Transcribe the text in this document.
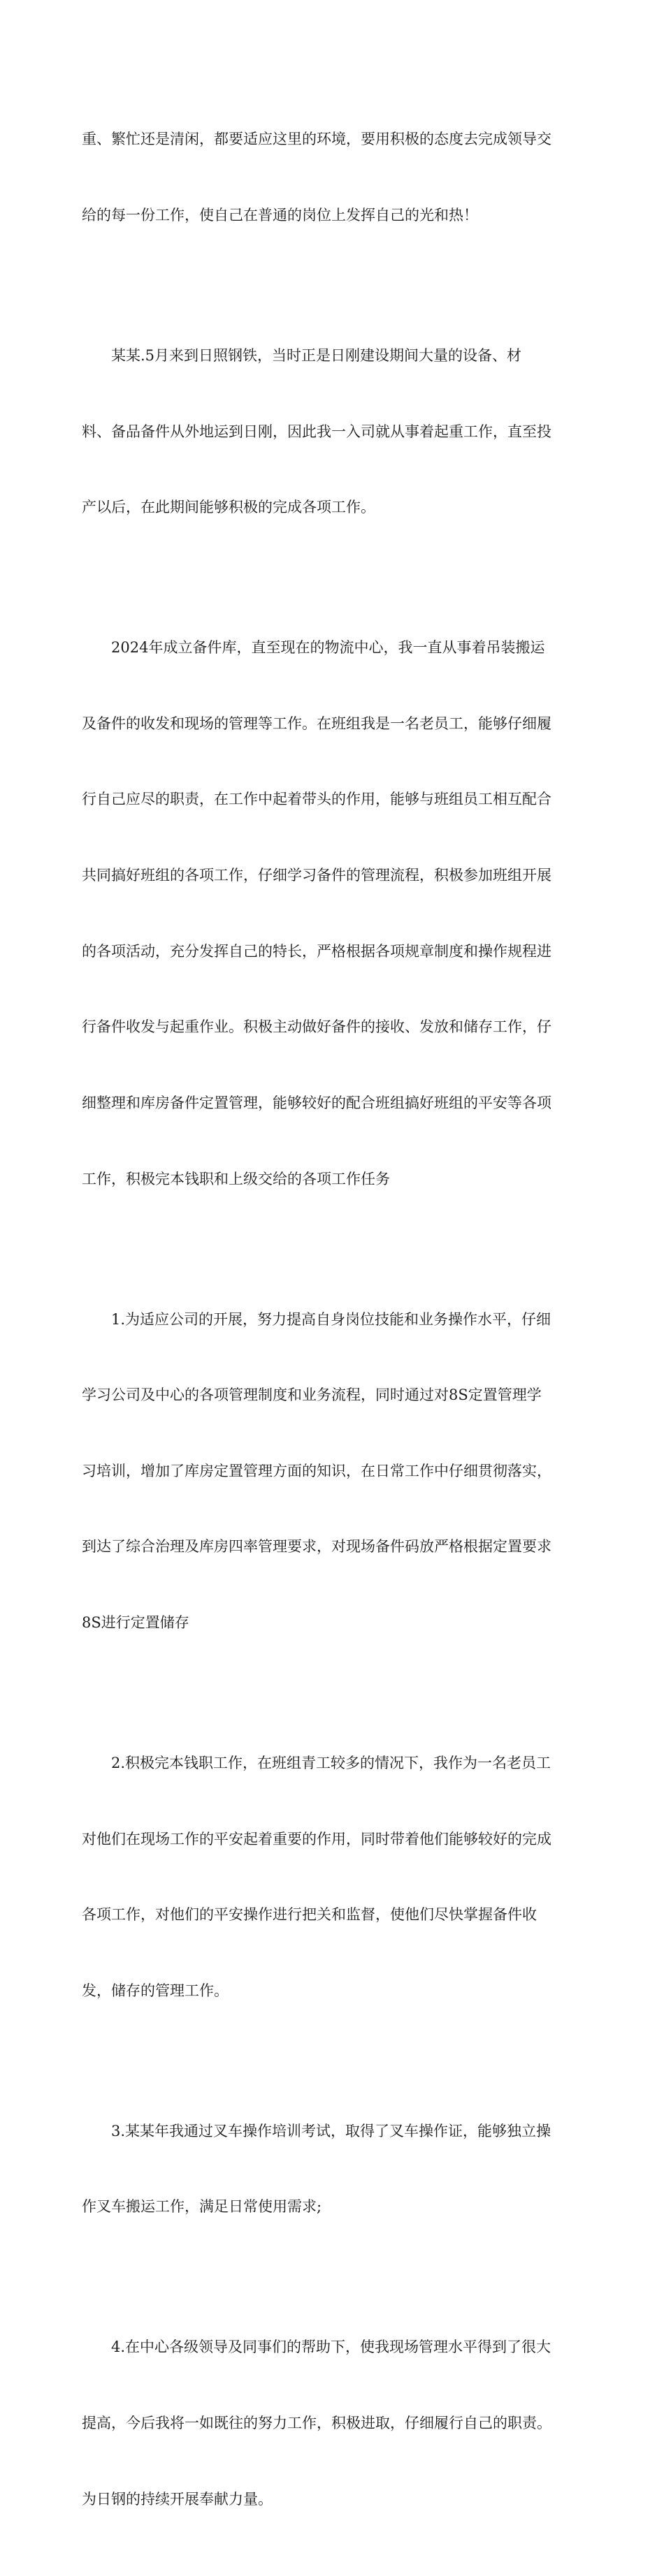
重、繁忙还是清闲，都要适应这里的环境，要用积极的态度去完成领导交

给的每一份工作，使自己在普通的岗位上发挥自己的光和热！

　　某某.5月来到日照钢铁，当时正是日刚建设期间大量的设备、材

料、备品备件从外地运到日刚，因此我一入司就从事着起重工作，直至投

产以后，在此期间能够积极的完成各项工作。

　　2024年成立备件库，直至现在的物流中心，我一直从事着吊装搬运

及备件的收发和现场的管理等工作。在班组我是一名老员工，能够仔细履

行自己应尽的职责，在工作中起着带头的作用，能够与班组员工相互配合

共同搞好班组的各项工作，仔细学习备件的管理流程，积极参加班组开展

的各项活动，充分发挥自己的特长，严格根据各项规章制度和操作规程进

行备件收发与起重作业。积极主动做好备件的接收、发放和储存工作，仔

细整理和库房备件定置管理，能够较好的配合班组搞好班组的平安等各项

工作，积极完本钱职和上级交给的各项工作任务

　　1.为适应公司的开展，努力提高自身岗位技能和业务操作水平，仔细

学习公司及中心的各项管理制度和业务流程，同时通过对8S定置管理学

习培训，增加了库房定置管理方面的知识，在日常工作中仔细贯彻落实，

到达了综合治理及库房四率管理要求，对现场备件码放严格根据定置要求

8S进行定置储存

　　2.积极完本钱职工作，在班组青工较多的情况下，我作为一名老员工

对他们在现场工作的平安起着重要的作用，同时带着他们能够较好的完成

各项工作，对他们的平安操作进行把关和监督，使他们尽快掌握备件收

发，储存的管理工作。

　　3.某某年我通过叉车操作培训考试，取得了叉车操作证，能够独立操

作叉车搬运工作，满足日常使用需求;

　　4.在中心各级领导及同事们的帮助下，使我现场管理水平得到了很大

提高，今后我将一如既往的努力工作，积极进取，仔细履行自己的职责。

为日钢的持续开展奉献力量。
